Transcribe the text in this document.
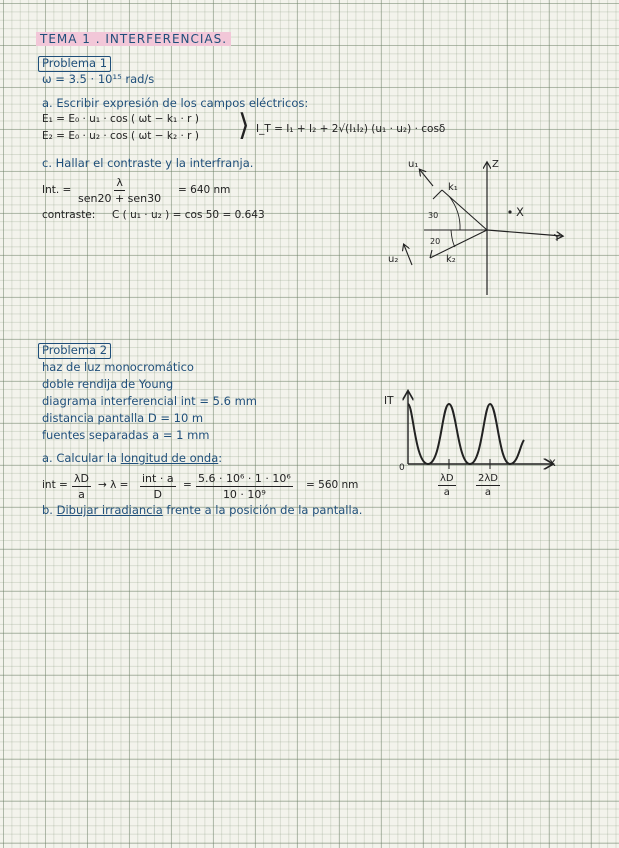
TEMA 1 . INTERFERENCIAS.
Problema 1
ω = 3.5 · 10¹⁵ rad/s
a. Escribir expresión de los campos eléctricos:
E₁ = E₀ · u₁ · cos ( ωt − k₁ · r )
E₂ = E₀ · u₂ · cos ( ωt − k₂ · r ) ⟩ I_T = I₁ + I₂ + 2√(I₁I₂) (u₁ · u₂) · cosδ
c. Hallar el contraste y la interfranja.
Int. =
λ
sen20 + sen30
= 640 nm
contraste: C ( u₁ · u₂ ) = cos 50 = 0.643
Z
X
Y
u₁
k₁
u₂	k₂
30
20
Problema 2
haz de luz monocromático
doble rendija de Young
diagrama interferencial int = 5.6 mm
distancia pantalla D = 10 m
fuentes separadas a = 1 mm
a. Calcular la longitud de onda:
int = $\frac{\lambda D}{a} \to \lambda$ = int · a
D
= $\frac{\text{5.6 · 10⁶ · 1 · 10⁶}}{\text{10 · 10⁹}} = 560$ nm
b. Dibujar irradiancia frente a la posición de la pantalla.
IT
x
0
$\frac{\lambda D}{a} \frac{2\lambda D}{a}$
